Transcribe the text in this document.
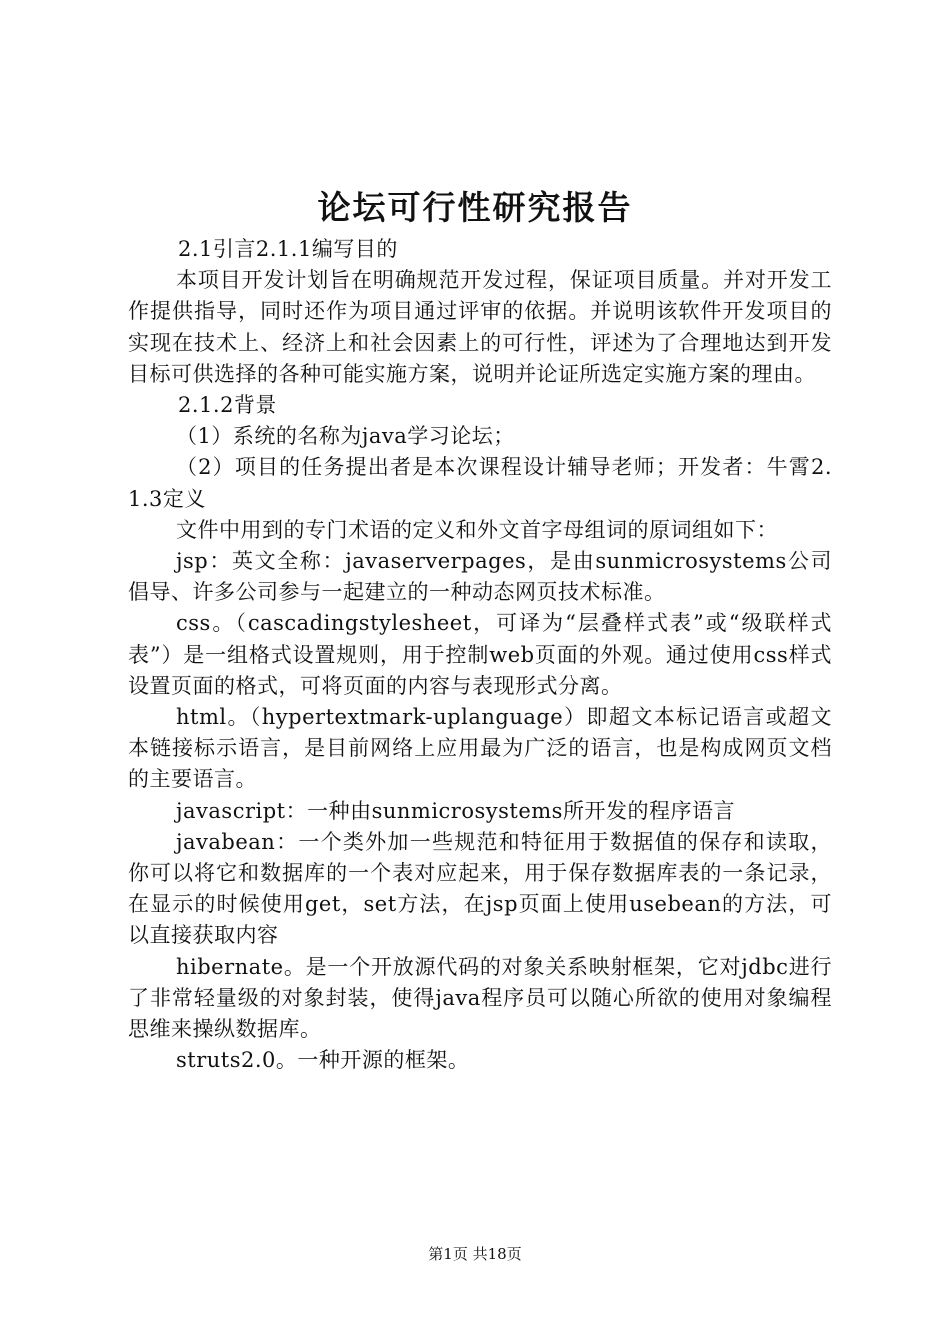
论坛可行性研究报告

2.1引言2.1.1编写目的

本项目开发计划旨在明确规范开发过程，保证项目质量。并对开发工作提供指导，同时还作为项目通过评审的依据。并说明该软件开发项目的实现在技术上、经济上和社会因素上的可行性，评述为了合理地达到开发目标可供选择的各种可能实施方案，说明并论证所选定实施方案的理由。

2.1.2背景

（1）系统的名称为java学习论坛；

（2）项目的任务提出者是本次课程设计辅导老师；开发者：牛霄2.1.3定义

文件中用到的专门术语的定义和外文首字母组词的原词组如下：

jsp：英文全称：javaserverpages，是由sunmicrosystems公司倡导、许多公司参与一起建立的一种动态网页技术标准。

css。（cascadingstylesheet，可译为“层叠样式表”或“级联样式表”）是一组格式设置规则，用于控制web页面的外观。通过使用css样式设置页面的格式，可将页面的内容与表现形式分离。

html。（hypertextmark-uplanguage）即超文本标记语言或超文本链接标示语言，是目前网络上应用最为广泛的语言，也是构成网页文档的主要语言。

javascript：一种由sunmicrosystems所开发的程序语言

javabean：一个类外加一些规范和特征用于数据值的保存和读取，你可以将它和数据库的一个表对应起来，用于保存数据库表的一条记录，在显示的时候使用get，set方法，在jsp页面上使用usebean的方法，可以直接获取内容

hibernate。是一个开放源代码的对象关系映射框架，它对jdbc进行了非常轻量级的对象封装，使得java程序员可以随心所欲的使用对象编程思维来操纵数据库。

struts2.0。一种开源的框架。

第1页 共18页
